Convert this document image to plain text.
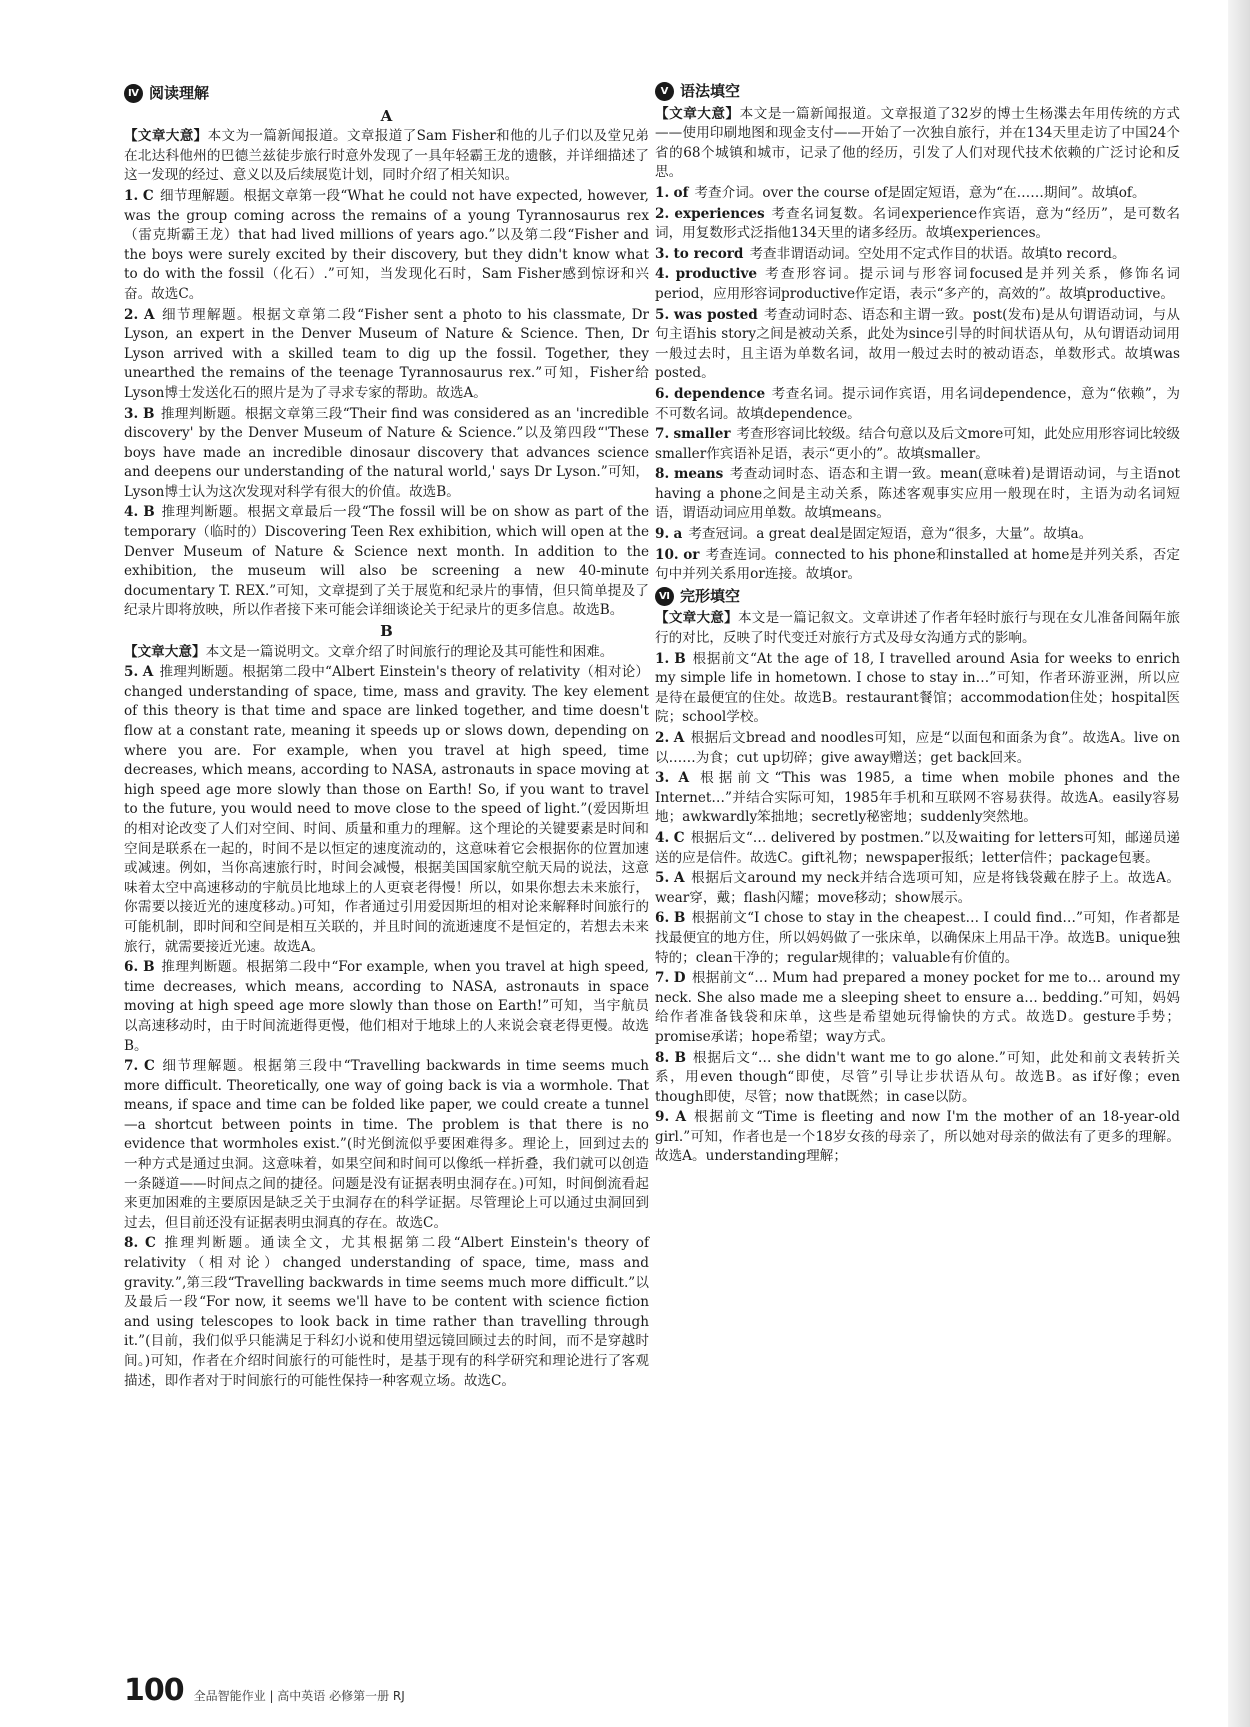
Ⅳ 阅读理解
A

【文章大意】本文为一篇新闻报道。文章报道了Sam Fisher和他的儿子们以及堂兄弟在北达科他州的巴德兰兹徒步旅行时意外发现了一具年轻霸王龙的遗骸，并详细描述了这一发现的经过、意义以及后续展览计划，同时介绍了相关知识。

1. C 细节理解题。根据文章第一段“What he could not have expected, however, was the group coming across the remains of a young Tyrannosaurus rex（雷克斯霸王龙）that had lived millions of years ago.”以及第二段“Fisher and the boys were surely excited by their discovery, but they didn't know what to do with the fossil（化石）.”可知，当发现化石时，Sam Fisher感到惊讶和兴奋。故选C。

2. A 细节理解题。根据文章第二段“Fisher sent a photo to his classmate, Dr Lyson, an expert in the Denver Museum of Nature & Science. Then, Dr Lyson arrived with a skilled team to dig up the fossil. Together, they unearthed the remains of the teenage Tyrannosaurus rex.”可知，Fisher给Lyson博士发送化石的照片是为了寻求专家的帮助。故选A。

3. B 推理判断题。根据文章第三段“Their find was considered as an 'incredible discovery' by the Denver Museum of Nature & Science.”以及第四段“'These boys have made an incredible dinosaur discovery that advances science and deepens our understanding of the natural world,' says Dr Lyson.”可知，Lyson博士认为这次发现对科学有很大的价值。故选B。

4. B 推理判断题。根据文章最后一段“The fossil will be on show as part of the temporary（临时的）Discovering Teen Rex exhibition, which will open at the Denver Museum of Nature & Science next month. In addition to the exhibition, the museum will also be screening a new 40-minute documentary T. REX.”可知，文章提到了关于展览和纪录片的事情，但只简单提及了纪录片即将放映，所以作者接下来可能会详细谈论关于纪录片的更多信息。故选B。

B

【文章大意】本文是一篇说明文。文章介绍了时间旅行的理论及其可能性和困难。

5. A 推理判断题。根据第二段中“Albert Einstein's theory of relativity（相对论）changed understanding of space, time, mass and gravity. The key element of this theory is that time and space are linked together, and time doesn't flow at a constant rate, meaning it speeds up or slows down, depending on where you are. For example, when you travel at high speed, time decreases, which means, according to NASA, astronauts in space moving at high speed age more slowly than those on Earth! So, if you want to travel to the future, you would need to move close to the speed of light.”(爱因斯坦的相对论改变了人们对空间、时间、质量和重力的理解。这个理论的关键要素是时间和空间是联系在一起的，时间不是以恒定的速度流动的，这意味着它会根据你的位置加速或减速。例如，当你高速旅行时，时间会减慢，根据美国国家航空航天局的说法，这意味着太空中高速移动的宇航员比地球上的人更衰老得慢！所以，如果你想去未来旅行，你需要以接近光的速度移动。)可知，作者通过引用爱因斯坦的相对论来解释时间旅行的可能机制，即时间和空间是相互关联的，并且时间的流逝速度不是恒定的，若想去未来旅行，就需要接近光速。故选A。

6. B 推理判断题。根据第二段中“For example, when you travel at high speed, time decreases, which means, according to NASA, astronauts in space moving at high speed age more slowly than those on Earth!”可知，当宇航员以高速移动时，由于时间流逝得更慢，他们相对于地球上的人来说会衰老得更慢。故选B。

7. C 细节理解题。根据第三段中“Travelling backwards in time seems much more difficult. Theoretically, one way of going back is via a wormhole. That means, if space and time can be folded like paper, we could create a tunnel—a shortcut between points in time. The problem is that there is no evidence that wormholes exist.”(时光倒流似乎要困难得多。理论上，回到过去的一种方式是通过虫洞。这意味着，如果空间和时间可以像纸一样折叠，我们就可以创造一条隧道——时间点之间的捷径。问题是没有证据表明虫洞存在。)可知，时间倒流看起来更加困难的主要原因是缺乏关于虫洞存在的科学证据。尽管理论上可以通过虫洞回到过去，但目前还没有证据表明虫洞真的存在。故选C。

8. C 推理判断题。通读全文，尤其根据第二段“Albert Einstein's theory of relativity（相对论）changed understanding of space, time, mass and gravity.”,第三段“Travelling backwards in time seems much more difficult.”以及最后一段“For now, it seems we'll have to be content with science fiction and using telescopes to look back in time rather than travelling through it.”(目前，我们似乎只能满足于科幻小说和使用望远镜回顾过去的时间，而不是穿越时间。)可知，作者在介绍时间旅行的可能性时，是基于现有的科学研究和理论进行了客观描述，即作者对于时间旅行的可能性保持一种客观立场。故选C。

Ⅴ 语法填空

【文章大意】本文是一篇新闻报道。文章报道了32岁的博士生杨渫去年用传统的方式——使用印刷地图和现金支付——开始了一次独自旅行，并在134天里走访了中国24个省的68个城镇和城市，记录了他的经历，引发了人们对现代技术依赖的广泛讨论和反思。

1. of 考查介词。over the course of是固定短语，意为“在……期间”。故填of。

2. experiences 考查名词复数。名词experience作宾语，意为“经历”，是可数名词，用复数形式泛指他134天里的诸多经历。故填experiences。

3. to record 考查非谓语动词。空处用不定式作目的状语。故填to record。

4. productive 考查形容词。提示词与形容词focused是并列关系，修饰名词period，应用形容词productive作定语，表示“多产的，高效的”。故填productive。

5. was posted 考查动词时态、语态和主谓一致。post(发布)是从句谓语动词，与从句主语his story之间是被动关系，此处为since引导的时间状语从句，从句谓语动词用一般过去时，且主语为单数名词，故用一般过去时的被动语态，单数形式。故填was posted。

6. dependence 考查名词。提示词作宾语，用名词dependence，意为“依赖”，为不可数名词。故填dependence。

7. smaller 考查形容词比较级。结合句意以及后文more可知，此处应用形容词比较级smaller作宾语补足语，表示“更小的”。故填smaller。

8. means 考查动词时态、语态和主谓一致。mean(意味着)是谓语动词，与主语not having a phone之间是主动关系，陈述客观事实应用一般现在时，主语为动名词短语，谓语动词应用单数。故填means。

9. a 考查冠词。a great deal是固定短语，意为“很多，大量”。故填a。

10. or 考查连词。connected to his phone和installed at home是并列关系，否定句中并列关系用or连接。故填or。

Ⅵ 完形填空

【文章大意】本文是一篇记叙文。文章讲述了作者年轻时旅行与现在女儿准备间隔年旅行的对比，反映了时代变迁对旅行方式及母女沟通方式的影响。

1. B 根据前文“At the age of 18, I travelled around Asia for weeks to enrich my simple life in hometown. I chose to stay in…”可知，作者环游亚洲，所以应是待在最便宜的住处。故选B。restaurant餐馆；accommodation住处；hospital医院；school学校。

2. A 根据后文bread and noodles可知，应是“以面包和面条为食”。故选A。live on以……为食；cut up切碎；give away赠送；get back回来。

3. A 根据前文“This was 1985, a time when mobile phones and the Internet…”并结合实际可知，1985年手机和互联网不容易获得。故选A。easily容易地；awkwardly笨拙地；secretly秘密地；suddenly突然地。

4. C 根据后文“… delivered by postmen.”以及waiting for letters可知，邮递员递送的应是信件。故选C。gift礼物；newspaper报纸；letter信件；package包裹。

5. A 根据后文around my neck并结合选项可知，应是将钱袋戴在脖子上。故选A。wear穿，戴；flash闪耀；move移动；show展示。

6. B 根据前文“I chose to stay in the cheapest… I could find…”可知，作者都是找最便宜的地方住，所以妈妈做了一张床单，以确保床上用品干净。故选B。unique独特的；clean干净的；regular规律的；valuable有价值的。

7. D 根据前文“… Mum had prepared a money pocket for me to… around my neck. She also made me a sleeping sheet to ensure a… bedding.”可知，妈妈给作者准备钱袋和床单，这些是希望她玩得愉快的方式。故选D。gesture手势；promise承诺；hope希望；way方式。

8. B 根据后文“… she didn't want me to go alone.”可知，此处和前文表转折关系，用even though“即使，尽管”引导让步状语从句。故选B。as if好像；even though即使，尽管；now that既然；in case以防。

9. A 根据前文“Time is fleeting and now I'm the mother of an 18-year-old girl.”可知，作者也是一个18岁女孩的母亲了，所以她对母亲的做法有了更多的理解。故选A。understanding理解；

100 全品智能作业 | 高中英语 必修第一册 RJ
